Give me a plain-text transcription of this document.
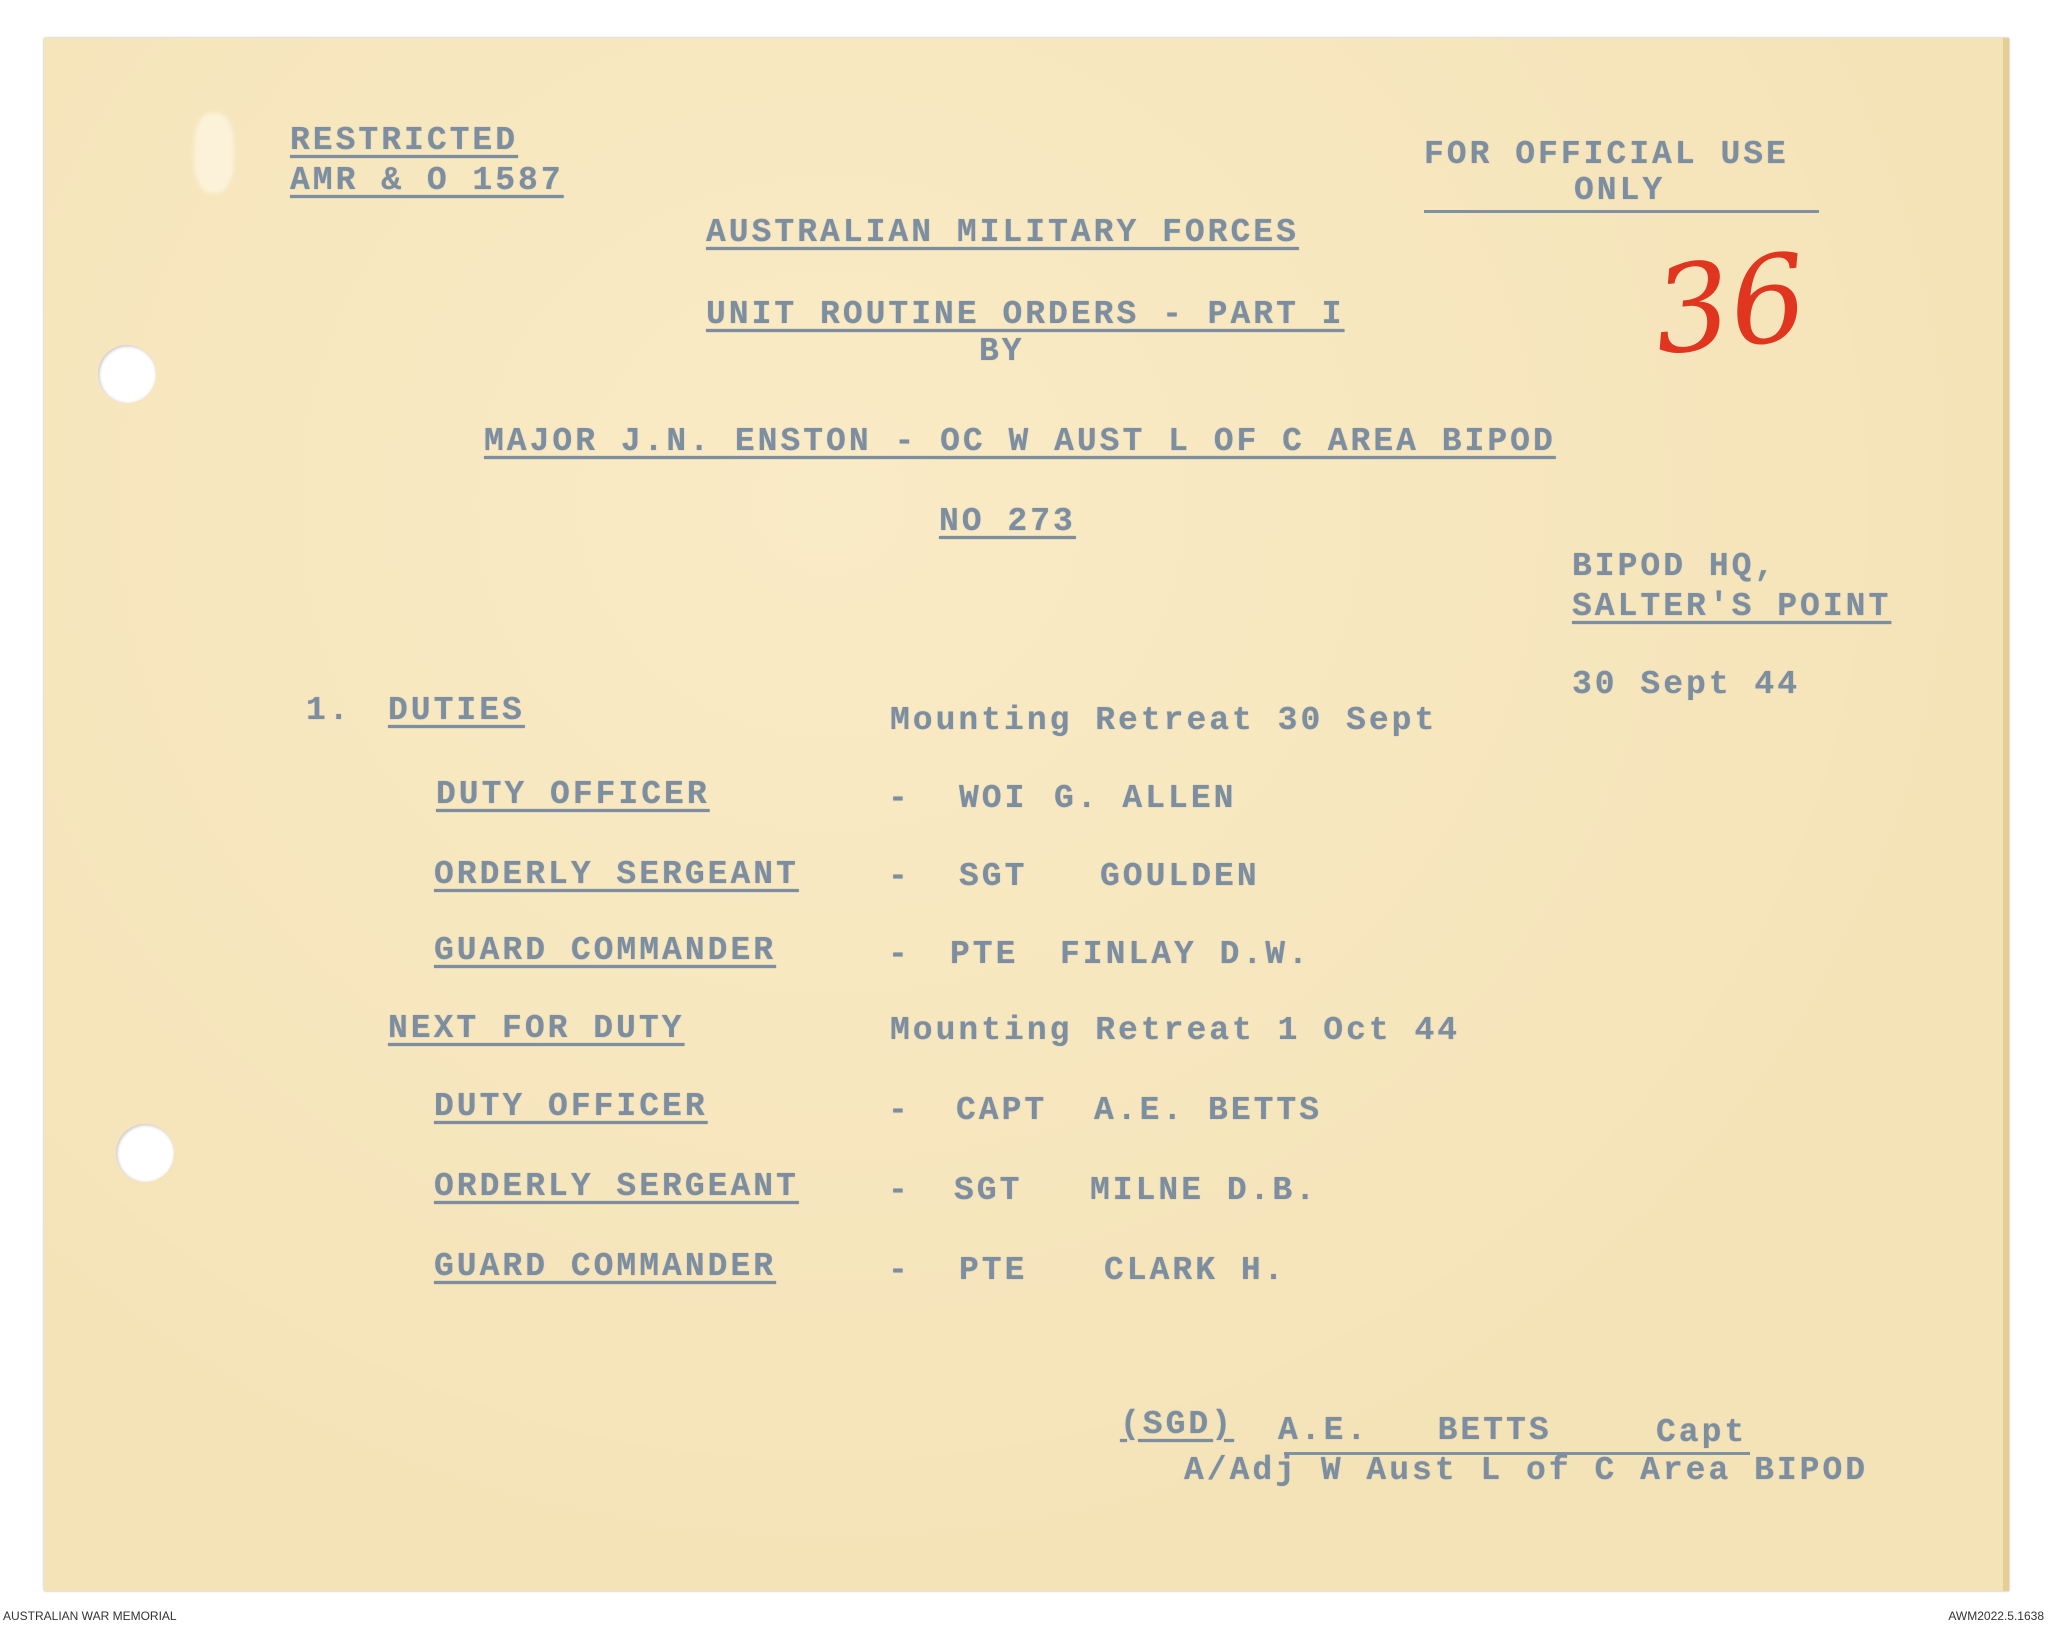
RESTRICTED
AMR & O 1587
FOR OFFICIAL USE
ONLY
36
AUSTRALIAN MILITARY FORCES
UNIT ROUTINE ORDERS - PART I
BY
MAJOR J.N. ENSTON - OC W AUST L OF C AREA BIPOD
NO 273
BIPOD HQ,
SALTER'S POINT
30 Sept 44
1. DUTIES	Mounting Retreat 30 Sept
DUTY OFFICER	- WOI G. ALLEN
ORDERLY SERGEANT	- SGT GOULDEN
GUARD COMMANDER	- PTE FINLAY D.W.
NEXT FOR DUTY	Mounting Retreat 1 Oct 44
DUTY OFFICER	- CAPT A.E. BETTS
ORDERLY SERGEANT	- SGT MILNE D.B.
GUARD COMMANDER	- PTE CLARK H.
(SGD) A.E.   BETTS	Capt
A/Adj W Aust L of C Area BIPOD
AUSTRALIAN WAR MEMORIAL	AWM2022.5.1638
